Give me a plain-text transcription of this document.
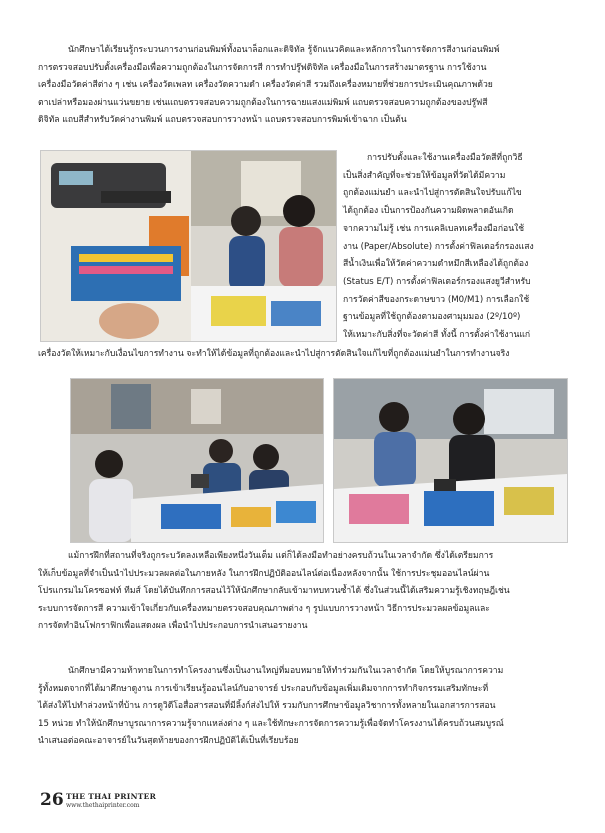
นักศึกษาได้เรียนรู้กระบวนการงานก่อนพิมพ์ทั้งอนาล็อกและดิจิทัล รู้จักแนวคิดและหลักการในการจัดการสีงานก่อนพิมพ์
การตรวจสอบปรับตั้งเครื่องมือเพื่อความถูกต้องในการจัดการสี การทำปรู๊ฟดิจิทัล เครื่องมือในการสร้างมาตรฐาน การใช้งาน
เครื่องมือวัดค่าสีต่าง ๆ เช่น เครื่องวัดเพลท เครื่องวัดความดำ เครื่องวัดค่าสี รวมถึงเครื่องหมายที่ช่วยการประเมินคุณภาพด้วย
ตาเปล่าหรือมองผ่านแว่นขยาย เช่นแถบตรวจสอบความถูกต้องในการฉายแสงแม่พิมพ์ แถบตรวจสอบความถูกต้องของปรู๊ฟสี
ดิจิทัล แถบสีสำหรับวัดค่างานพิมพ์ แถบตรวจสอบการวางหน้า แถบตรวจสอบการพิมพ์เข้าฉาก เป็นต้น

การปรับตั้งและใช้งานเครื่องมือวัดสีที่ถูกวิธี
เป็นสิ่งสำคัญที่จะช่วยให้ข้อมูลที่วัดได้มีความ
ถูกต้องแม่นยำ และนำไปสู่การตัดสินใจปรับแก้ไข
ได้ถูกต้อง เป็นการป้องกันความผิดพลาดอันเกิด
จากความไม่รู้ เช่น การแคลิเบลทเครื่องมือก่อนใช้
งาน (Paper/Absolute) การตั้งค่าฟิลเตอร์กรองแสง
สีน้ำเงินเพื่อให้วัดค่าความดำหมึกสีเหลืองได้ถูกต้อง
(Status E/T) การตั้งค่าฟิลเตอร์กรองแสงยูวีสำหรับ
การวัดค่าสีของกระดาษขาว (M0/M1) การเลือกใช้
ฐานข้อมูลที่ใช้ถูกต้องตามองศามุมมอง (2º/10º)
ให้เหมาะกับสิ่งที่จะวัดค่าสี ทั้งนี้ การตั้งค่าใช้งานแก่

เครื่องวัดให้เหมาะกับเงื่อนไขการทำงาน จะทำให้ได้ข้อมูลที่ถูกต้องและนำไปสู่การตัดสินใจแก้ไขที่ถูกต้องแม่นยำในการทำงานจริง

แม้การฝึกที่สถานที่จริงถูกระบวัดลงเหลือเพียงหนึ่งวันเต็ม แต่ก็ได้ลงมือทำอย่างครบถ้วนในเวลาจำกัด ซึ่งได้เตรียมการ
ให้เก็บข้อมูลที่จำเป็นนำไปประมวลผลต่อในภายหลัง ในการฝึกปฏิบัติออนไลน์ต่อเนื่องหลังจากนั้น ใช้การประชุมออนไลน์ผ่าน
โปรแกรมไมโครซอฟท์ ทีมส์ โดยได้บันทึกการสอนไว้ให้นักศึกษากลับเข้ามาทบทวนซ้ำได้ ซึ่งในส่วนนี้ได้เสริมความรู้เชิงทฤษฎีเช่น
ระบบการจัดการสี ความเข้าใจเกี่ยวกับเครื่องหมายตรวจสอบคุณภาพต่าง ๆ รูปแบบการวางหน้า วิธีการประมวลผลข้อมูลและ
การจัดทำอินโฟกราฟิกเพื่อแสดงผล เพื่อนำไปประกอบการนำเสนอรายงาน

นักศึกษามีความท้าทายในการทำโครงงานซึ่งเป็นงานใหญ่ที่มอบหมายให้ทำร่วมกันในเวลาจำกัด โดยให้บูรณาการความ
รู้ทั้งหมดจากที่ได้มาศึกษาดูงาน การเข้าเรียนรู้ออนไลน์กับอาจารย์ ประกอบกับข้อมูลเพิ่มเติมจากการทำกิจกรรมเสริมทักษะที่
ได้ส่งให้ไปทำล่วงหน้าที่บ้าน การดูวิดีโอสื่อสารสอนที่มีลิ้งก์ส่งไปให้ รวมกับการศึกษาข้อมูลวิชาการทั้งหลายในเอกสารการสอน
15 หน่วย ทำให้นักศึกษาบูรณาการความรู้จากแหล่งต่าง ๆ และใช้ทักษะการจัดการความรู้เพื่อจัดทำโครงงานได้ครบถ้วนสมบูรณ์
นำเสนอต่อคณะอาจารย์ในวันสุดท้ายของการฝึกปฏิบัติได้เป็นที่เรียบร้อย

26 THE THAI PRINTER
www.thethaiprinter.com
